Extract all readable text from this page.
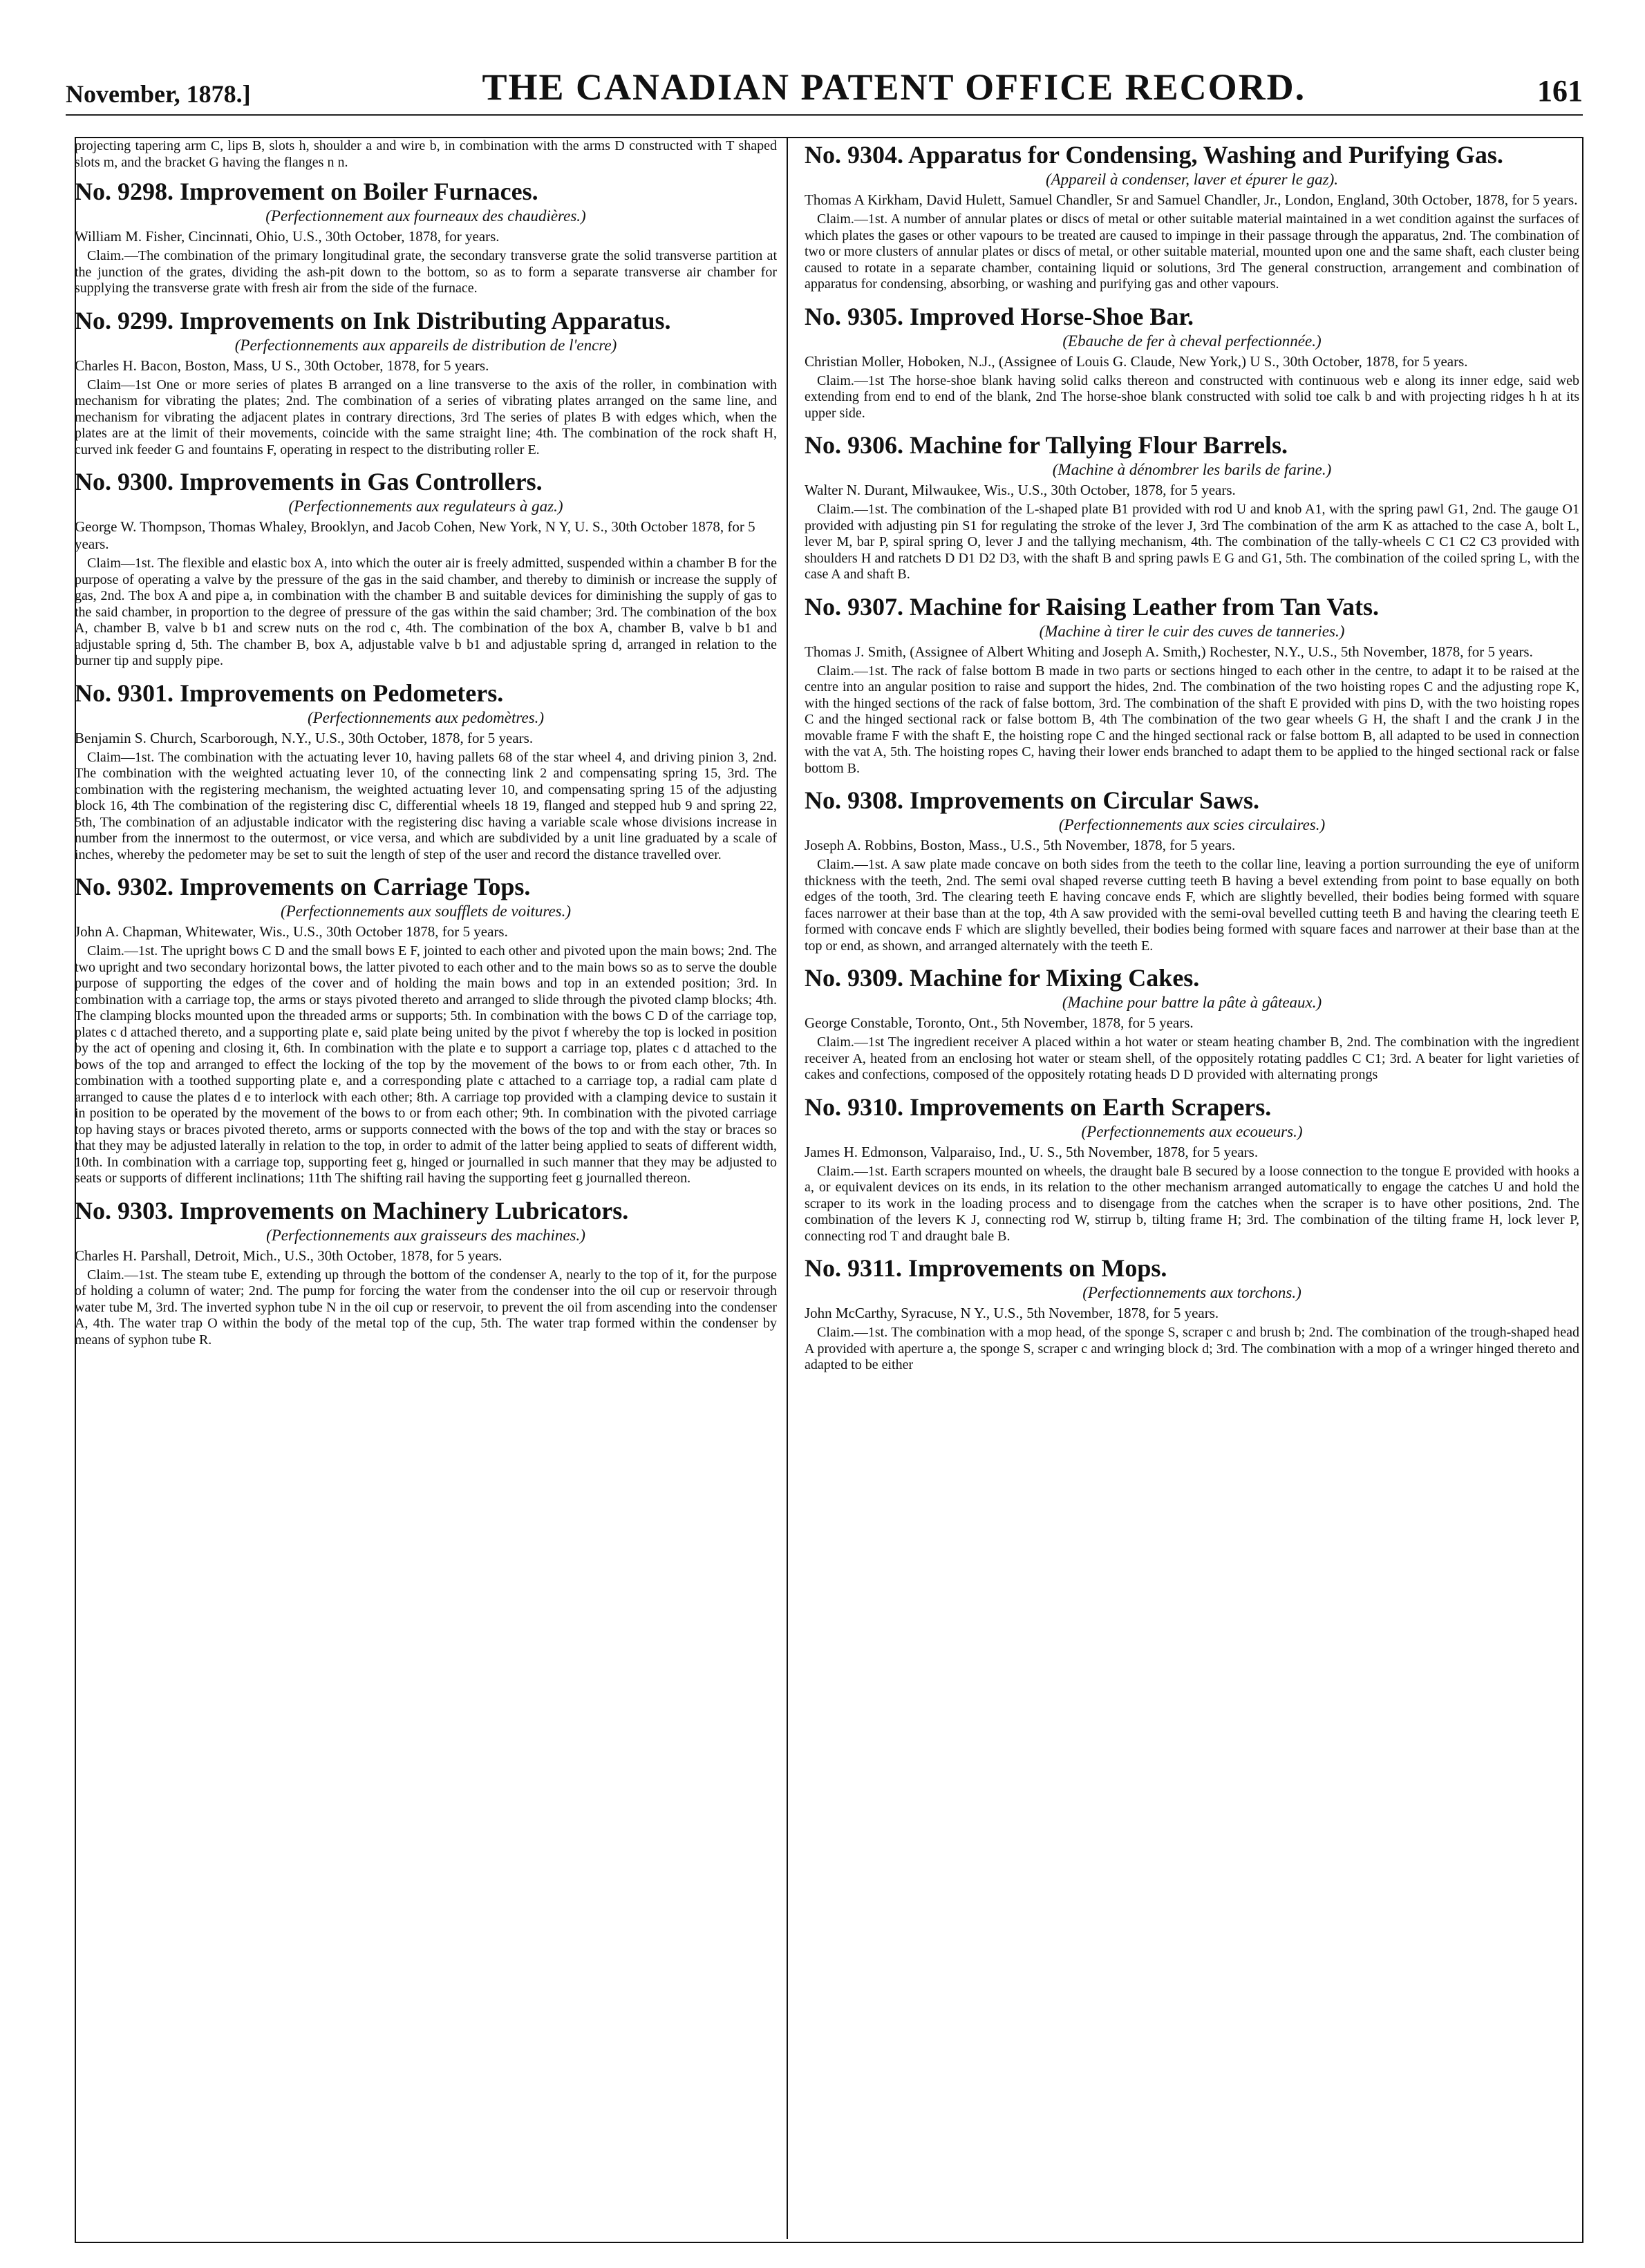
November, 1878.]	THE CANADIAN PATENT OFFICE RECORD.	161

projecting tapering arm C, lips B, slots h, shoulder a and wire b, in combination with the arms D constructed with T shaped slots m, and the bracket G having the flanges n n.

No. 9298. Improvement on Boiler Furnaces.
(Perfectionnement aux fourneaux des chaudières.)
William M. Fisher, Cincinnati, Ohio, U.S., 30th October, 1878, for years.

Claim.—The combination of the primary longitudinal grate, the secondary transverse grate the solid transverse partition at the junction of the grates, dividing the ash-pit down to the bottom, so as to form a separate transverse air chamber for supplying the transverse grate with fresh air from the side of the furnace.

No. 9299. Improvements on Ink Distributing Apparatus.
(Perfectionnements aux appareils de distribution de l'encre)
Charles H. Bacon, Boston, Mass, U S., 30th October, 1878, for 5 years.

Claim—1st One or more series of plates B arranged on a line transverse to the axis of the roller, in combination with mechanism for vibrating the plates; 2nd. The combination of a series of vibrating plates arranged on the same line, and mechanism for vibrating the adjacent plates in contrary directions, 3rd The series of plates B with edges which, when the plates are at the limit of their movements, coincide with the same straight line; 4th. The combination of the rock shaft H, curved ink feeder G and fountains F, operating in respect to the distributing roller E.

No. 9300. Improvements in Gas Controllers.
(Perfectionnements aux regulateurs à gaz.)
George W. Thompson, Thomas Whaley, Brooklyn, and Jacob Cohen, New York, N Y, U. S., 30th October 1878, for 5 years.

Claim—1st. The flexible and elastic box A, into which the outer air is freely admitted, suspended within a chamber B for the purpose of operating a valve by the pressure of the gas in the said chamber, and thereby to diminish or increase the supply of gas, 2nd. The box A and pipe a, in combination with the chamber B and suitable devices for diminishing the supply of gas to the said chamber, in proportion to the degree of pressure of the gas within the said chamber; 3rd. The combination of the box A, chamber B, valve b b1 and screw nuts on the rod c, 4th. The combination of the box A, chamber B, valve b b1 and adjustable spring d, 5th. The chamber B, box A, adjustable valve b b1 and adjustable spring d, arranged in relation to the burner tip and supply pipe.

No. 9301. Improvements on Pedometers.
(Perfectionnements aux pedomètres.)
Benjamin S. Church, Scarborough, N.Y., U.S., 30th October, 1878, for 5 years.

Claim—1st. The combination with the actuating lever 10, having pallets 68 of the star wheel 4, and driving pinion 3, 2nd. The combination with the weighted actuating lever 10, of the connecting link 2 and compensating spring 15, 3rd. The combination with the registering mechanism, the weighted actuating lever 10, and compensating spring 15 of the adjusting block 16, 4th The combination of the registering disc C, differential wheels 18 19, flanged and stepped hub 9 and spring 22, 5th, The combination of an adjustable indicator with the registering disc having a variable scale whose divisions increase in number from the innermost to the outermost, or vice versa, and which are subdivided by a unit line graduated by a scale of inches, whereby the pedometer may be set to suit the length of step of the user and record the distance travelled over.

No. 9302. Improvements on Carriage Tops.
(Perfectionnements aux soufflets de voitures.)
John A. Chapman, Whitewater, Wis., U.S., 30th October 1878, for 5 years.

Claim.—1st. The upright bows C D and the small bows E F, jointed to each other and pivoted upon the main bows; 2nd. The two upright and two secondary horizontal bows, the latter pivoted to each other and to the main bows so as to serve the double purpose of supporting the edges of the cover and of holding the main bows and top in an extended position; 3rd. In combination with a carriage top, the arms or stays pivoted thereto and arranged to slide through the pivoted clamp blocks; 4th. The clamping blocks mounted upon the threaded arms or supports; 5th. In combination with the bows C D of the carriage top, plates c d attached thereto, and a supporting plate e, said plate being united by the pivot f whereby the top is locked in position by the act of opening and closing it, 6th. In combination with the plate e to support a carriage top, plates c d attached to the bows of the top and arranged to effect the locking of the top by the movement of the bows to or from each other, 7th. In combination with a toothed supporting plate e, and a corresponding plate c attached to a carriage top, a radial cam plate d arranged to cause the plates d e to interlock with each other; 8th. A carriage top provided with a clamping device to sustain it in position to be operated by the movement of the bows to or from each other; 9th. In combination with the pivoted carriage top having stays or braces pivoted thereto, arms or supports connected with the bows of the top and with the stay or braces so that they may be adjusted laterally in relation to the top, in order to admit of the latter being applied to seats of different width, 10th. In combination with a carriage top, supporting feet g, hinged or journalled in such manner that they may be adjusted to seats or supports of different inclinations; 11th The shifting rail having the supporting feet g journalled thereon.

No. 9303. Improvements on Machinery Lubricators.
(Perfectionnements aux graisseurs des machines.)
Charles H. Parshall, Detroit, Mich., U.S., 30th October, 1878, for 5 years.

Claim.—1st. The steam tube E, extending up through the bottom of the condenser A, nearly to the top of it, for the purpose of holding a column of water; 2nd. The pump for forcing the water from the condenser into the oil cup or reservoir through water tube M, 3rd. The inverted syphon tube N in the oil cup or reservoir, to prevent the oil from ascending into the condenser A, 4th. The water trap O within the body of the metal top of the cup, 5th. The water trap formed within the condenser by means of syphon tube R.

No. 9304. Apparatus for Condensing, Washing and Purifying Gas.
(Appareil à condenser, laver et épurer le gaz).
Thomas A Kirkham, David Hulett, Samuel Chandler, Sr and Samuel Chandler, Jr., London, England, 30th October, 1878, for 5 years.

Claim.—1st. A number of annular plates or discs of metal or other suitable material maintained in a wet condition against the surfaces of which plates the gases or other vapours to be treated are caused to impinge in their passage through the apparatus, 2nd. The combination of two or more clusters of annular plates or discs of metal, or other suitable material, mounted upon one and the same shaft, each cluster being caused to rotate in a separate chamber, containing liquid or solutions, 3rd The general construction, arrangement and combination of apparatus for condensing, absorbing, or washing and purifying gas and other vapours.

No. 9305. Improved Horse-Shoe Bar.
(Ebauche de fer à cheval perfectionnée.)
Christian Moller, Hoboken, N.J., (Assignee of Louis G. Claude, New York,) U S., 30th October, 1878, for 5 years.

Claim.—1st The horse-shoe blank having solid calks thereon and constructed with continuous web e along its inner edge, said web extending from end to end of the blank, 2nd The horse-shoe blank constructed with solid toe calk b and with projecting ridges h h at its upper side.

No. 9306. Machine for Tallying Flour Barrels.
(Machine à dénombrer les barils de farine.)
Walter N. Durant, Milwaukee, Wis., U.S., 30th October, 1878, for 5 years.

Claim.—1st. The combination of the L-shaped plate B1 provided with rod U and knob A1, with the spring pawl G1, 2nd. The gauge O1 provided with adjusting pin S1 for regulating the stroke of the lever J, 3rd The combination of the arm K as attached to the case A, bolt L, lever M, bar P, spiral spring O, lever J and the tallying mechanism, 4th. The combination of the tally-wheels C C1 C2 C3 provided with shoulders H and ratchets D D1 D2 D3, with the shaft B and spring pawls E G and G1, 5th. The combination of the coiled spring L, with the case A and shaft B.

No. 9307. Machine for Raising Leather from Tan Vats.
(Machine à tirer le cuir des cuves de tanneries.)
Thomas J. Smith, (Assignee of Albert Whiting and Joseph A. Smith,) Rochester, N.Y., U.S., 5th November, 1878, for 5 years.

Claim.—1st. The rack of false bottom B made in two parts or sections hinged to each other in the centre, to adapt it to be raised at the centre into an angular position to raise and support the hides, 2nd. The combination of the two hoisting ropes C and the adjusting rope K, with the hinged sections of the rack of false bottom, 3rd. The combination of the shaft E provided with pins D, with the two hoisting ropes C and the hinged sectional rack or false bottom B, 4th The combination of the two gear wheels G H, the shaft I and the crank J in the movable frame F with the shaft E, the hoisting rope C and the hinged sectional rack or false bottom B, all adapted to be used in connection with the vat A, 5th. The hoisting ropes C, having their lower ends branched to adapt them to be applied to the hinged sectional rack or false bottom B.

No. 9308. Improvements on Circular Saws.
(Perfectionnements aux scies circulaires.)
Joseph A. Robbins, Boston, Mass., U.S., 5th November, 1878, for 5 years.

Claim.—1st. A saw plate made concave on both sides from the teeth to the collar line, leaving a portion surrounding the eye of uniform thickness with the teeth, 2nd. The semi oval shaped reverse cutting teeth B having a bevel extending from point to base equally on both edges of the tooth, 3rd. The clearing teeth E having concave ends F, which are slightly bevelled, their bodies being formed with square faces narrower at their base than at the top, 4th A saw provided with the semi-oval bevelled cutting teeth B and having the clearing teeth E formed with concave ends F which are slightly bevelled, their bodies being formed with square faces and narrower at their base than at the top or end, as shown, and arranged alternately with the teeth E.

No. 9309. Machine for Mixing Cakes.
(Machine pour battre la pâte à gâteaux.)
George Constable, Toronto, Ont., 5th November, 1878, for 5 years.

Claim.—1st The ingredient receiver A placed within a hot water or steam heating chamber B, 2nd. The combination with the ingredient receiver A, heated from an enclosing hot water or steam shell, of the oppositely rotating paddles C C1; 3rd. A beater for light varieties of cakes and confections, composed of the oppositely rotating heads D D provided with alternating prongs

No. 9310. Improvements on Earth Scrapers.
(Perfectionnements aux ecoueurs.)
James H. Edmonson, Valparaiso, Ind., U. S., 5th November, 1878, for 5 years.

Claim.—1st. Earth scrapers mounted on wheels, the draught bale B secured by a loose connection to the tongue E provided with hooks a a, or equivalent devices on its ends, in its relation to the other mechanism arranged automatically to engage the catches U and hold the scraper to its work in the loading process and to disengage from the catches when the scraper is to have other positions, 2nd. The combination of the levers K J, connecting rod W, stirrup b, tilting frame H; 3rd. The combination of the tilting frame H, lock lever P, connecting rod T and draught bale B.

No. 9311. Improvements on Mops.
(Perfectionnements aux torchons.)
John McCarthy, Syracuse, N Y., U.S., 5th November, 1878, for 5 years.

Claim.—1st. The combination with a mop head, of the sponge S, scraper c and brush b; 2nd. The combination of the trough-shaped head A provided with aperture a, the sponge S, scraper c and wringing block d; 3rd. The combination with a mop of a wringer hinged thereto and adapted to be either
